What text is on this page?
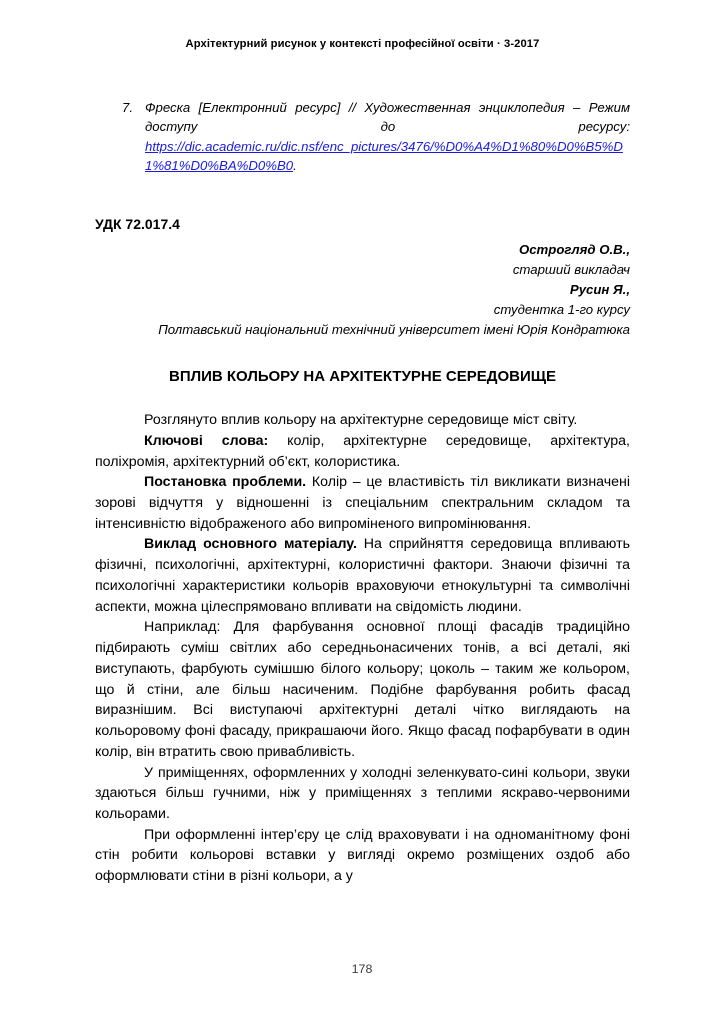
Архітектурний рисунок у контексті професійної освіти · 3-2017
7. Фреска [Електронний ресурс] // Художественная энциклопедия – Режим
доступу до ресурсу:
https://dic.academic.ru/dic.nsf/enc_pictures/3476/%D0%A4%D1%80%D0%B5%D1%81%D0%BA%D0%B0.
УДК 72.017.4
Острогляд О.В.,
старший викладач
Русин Я.,
студентка 1-го курсу
Полтавський національний технічний університет імені Юрія Кондратюка
ВПЛИВ КОЛЬОРУ НА АРХІТЕКТУРНЕ СЕРЕДОВИЩЕ

Розглянуто вплив кольору на архітектурне середовище міст світу.

Ключові слова: колір, архітектурне середовище, архітектура, поліхромія, архітектурний об’єкт, колористика.

Постановка проблеми. Колір – це властивість тіл викликати визначені зорові відчуття у відношенні із спеціальним спектральним складом та інтенсивністю відображеного або випроміненого випромінювання.

Виклад основного матеріалу. На сприйняття середовища впливають фізичні, психологічні, архітектурні, колористичні фактори. Знаючи фізичні та психологічні характеристики кольорів враховуючи етнокультурні та символічні аспекти, можна цілеспрямовано впливати на свідомість людини.

Наприклад: Для фарбування основної площі фасадів традиційно підбирають суміш світлих або середньонасичених тонів, а всі деталі, які виступають, фарбують сумішшю білого кольору; цоколь – таким же кольором, що й стіни, але більш насиченим. Подібне фарбування робить фасад виразнішим. Всі виступаючі архітектурні деталі чітко виглядають на кольоровому фоні фасаду, прикрашаючи його. Якщо фасад пофарбувати в один колір, він втратить свою привабливість.

У приміщеннях, оформленних у холодні зеленкувато-сині кольори, звуки здаються більш гучними, ніж у приміщеннях з теплими яскраво-червоними кольорами.

При оформленні інтер’єру це слід враховувати і на одноманітному фоні стін робити кольорові вставки у вигляді окремо розміщених оздоб або оформлювати стіни в різні кольори, а у

178
